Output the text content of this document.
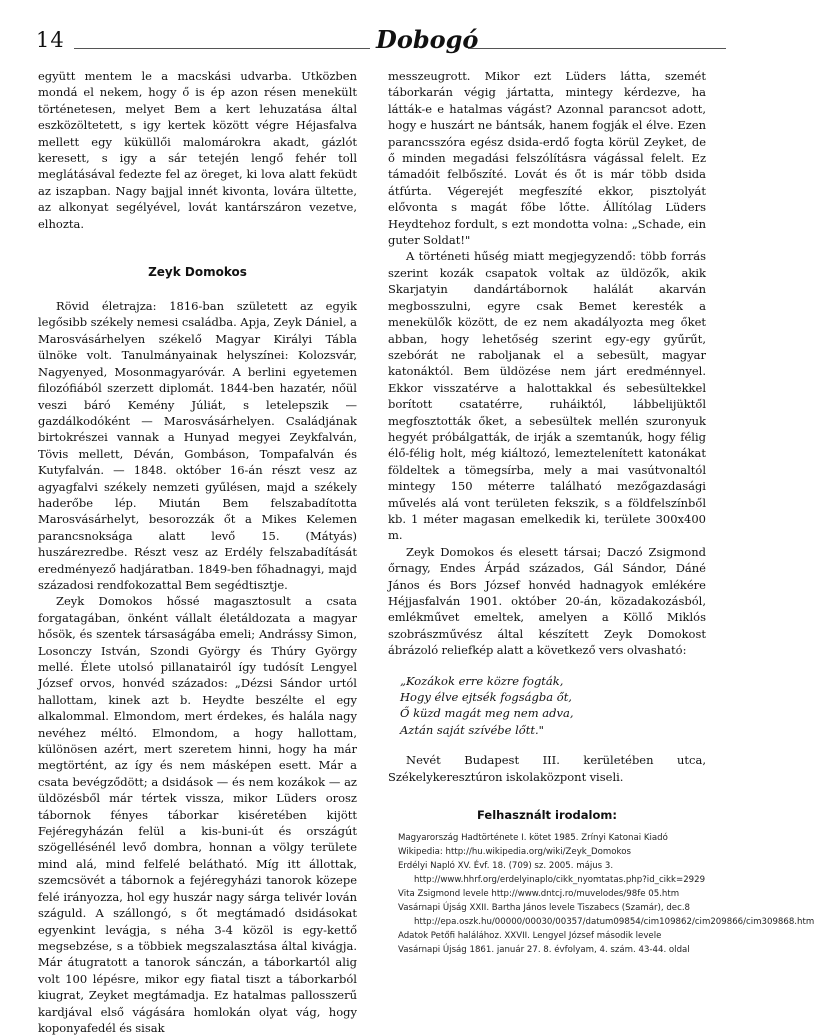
14	Dobogó

együtt mentem le a macskási udvarba. Utközben mondá el nekem, hogy ő is ép azon résen menekült történetesen, melyet Bem a kert lehuzatása által eszközöltetett, s igy kertek között végre Héjasfalva mellett egy küküllői malomárokra akadt, gázlót keresett, s igy a sár tetején lengő fehér toll meglátásával fedezte fel az öreget, ki lova alatt feküdt az iszapban. Nagy bajjal innét kivonta, lovára ültette, az alkonyat segélyével, lovát kantárszáron vezetve, elhozta.

Zeyk Domokos

Rövid életrajza: 1816-ban született az egyik legősibb székely nemesi családba. Apja, Zeyk Dániel, a Marosvásárhelyen székelő Magyar Királyi Tábla ülnöke volt. Tanulmányainak helyszínei: Kolozsvár, Nagyenyed, Mosonmagyaróvár. A berlini egyetemen filozófiából szerzett diplomát. 1844-ben hazatér, nőül veszi báró Kemény Júliát, s letelepszik — gazdálkodóként — Marosvásárhelyen. Családjának birtokrészei vannak a Hunyad megyei Zeykfalván, Tövis mellett, Déván, Gombáson, Tompafalván és Kutyfalván. — 1848. október 16-án részt vesz az agyagfalvi székely nemzeti gyűlésen, majd a székely haderőbe lép. Miután Bem felszabadította Marosvásárhelyt, besorozzák őt a Mikes Kelemen parancsnoksága alatt levő 15. (Mátyás) huszárezredbe. Részt vesz az Erdély felszabadítását eredményező hadjáratban. 1849-ben főhadnagyi, majd századosi rendfokozattal Bem segédtisztje.

Zeyk Domokos hőssé magasztosult a csata forgatagában, önként vállalt életáldozata a magyar hősök, és szentek társaságába emeli; Andrássy Simon, Losonczy István, Szondi György és Thúry György mellé. Élete utolsó pillanatairól így tudósít Lengyel József orvos, honvéd százados: „Dézsi Sándor urtól hallottam, kinek azt b. Heydte beszélte el egy alkalommal. Elmondom, mert érdekes, és halála nagy nevéhez méltó. Elmondom, a hogy hallottam, különösen azért, mert szeretem hinni, hogy ha már megtörtént, az így és nem másképen esett. Már a csata bevégződött; a dsidások — és nem kozákok — az üldözésből már tértek vissza, mikor Lüders orosz tábornok fényes táborkar kiséretében kijött Fejéregyházán felül a kis-buni-út és országút szögellésénél levő dombra, honnan a völgy területe mind alá, mind felfelé belátható. Míg itt állottak, szemcsövét a tábornok a fejéregyházi tanorok közepe felé irányozza, hol egy huszár nagy sárga telivér lován száguld. A szállongó, s őt megtámadó dsidásokat egyenkint levágja, s néha 3-4 közöl is egy-kettő megsebzése, s a többiek megszalasztása által kivágja. Már átugratott a tanorok sánczán, a táborkartól alig volt 100 lépésre, mikor egy fiatal tiszt a táborkarból kiugrat, Zeyket megtámadja. Ez hatalmas pallosszerű kardjával első vágására homlokán olyat vág, hogy koponyafedél és sisak

messzeugrott. Mikor ezt Lüders látta, szemét táborkarán végig jártatta, mintegy kérdezve, ha látták-e e hatalmas vágást? Azonnal parancsot adott, hogy e huszárt ne bántsák, hanem fogják el élve. Ezen parancsszóra egész dsida-erdő fogta körül Zeyket, de ő minden megadási felszólításra vágással felelt. Ez támadóit felbőszíté. Lovát és őt is már több dsida átfúrta. Végerejét megfeszíté ekkor, pisztolyát elővonta s magát főbe lőtte. Állítólag Lüders Heydtehoz fordult, s ezt mondotta volna: „Schade, ein guter Soldat!"

A történeti hűség miatt megjegyzendő: több forrás szerint kozák csapatok voltak az üldözők, akik Skarjatyin dandártábornok halálát akarván megbosszulni, egyre csak Bemet keresték a menekülők között, de ez nem akadályozta meg őket abban, hogy lehetőség szerint egy-egy gyűrűt, szebórát ne raboljanak el a sebesült, magyar katonáktól. Bem üldözése nem járt eredménnyel. Ekkor visszatérve a halottakkal és sebesültekkel borított csatatérre, ruháiktól, lábbelijüktől megfosztották őket, a sebesültek mellén szuronyuk hegyét próbálgatták, de irják a szemtanúk, hogy félig élő-félig holt, még kiáltozó, lemeztelenített katonákat földeltek a tömegsírba, mely a mai vasútvonaltól mintegy 150 méterre található mezőgazdasági művelés alá vont területen fekszik, s a földfelszínből kb. 1 méter magasan emelkedik ki, területe 300x400 m.

Zeyk Domokos és elesett társai; Daczó Zsigmond őrnagy, Endes Árpád százados, Gál Sándor, Dáné János és Bors József honvéd hadnagyok emlékére Héjjasfalván 1901. október 20-án, közadakozásból, emlékművet emeltek, amelyen a Köllő Miklós szobrászművész által készített Zeyk Domokost ábrázoló reliefkép alatt a következő vers olvasható:

„Kozákok erre közre fogták,
Hogy élve ejtsék fogságba őt,
Ő küzd magát meg nem adva,
Aztán saját szívébe lőtt."

Nevét Budapest III. kerületében utca, Székelykeresztúron iskolaközpont viseli.

Felhasznált irodalom:
Magyarország Hadtörténete I. kötet 1985. Zrínyi Katonai Kiadó
Wikipedia: http://hu.wikipedia.org/wiki/Zeyk_Domokos
Erdélyi Napló XV. Évf. 18. (709) sz. 2005. május 3.
http://www.hhrf.org/erdelyinaplo/cikk_nyomtatas.php?id_cikk=2929
Vita Zsigmond levele http://www.dntcj.ro/muvelodes/98fe 05.htm
Vasárnapi Újság XXII. Bartha János levele Tiszabecs (Szamár), dec.8
http://epa.oszk.hu/00000/00030/00357/datum09854/cim109862/cim209866/cim309868.htm
Adatok Petőfi halálához. XXVII. Lengyel József második levele
Vasárnapi Újság 1861. január 27. 8. évfolyam, 4. szám. 43-44. oldal
